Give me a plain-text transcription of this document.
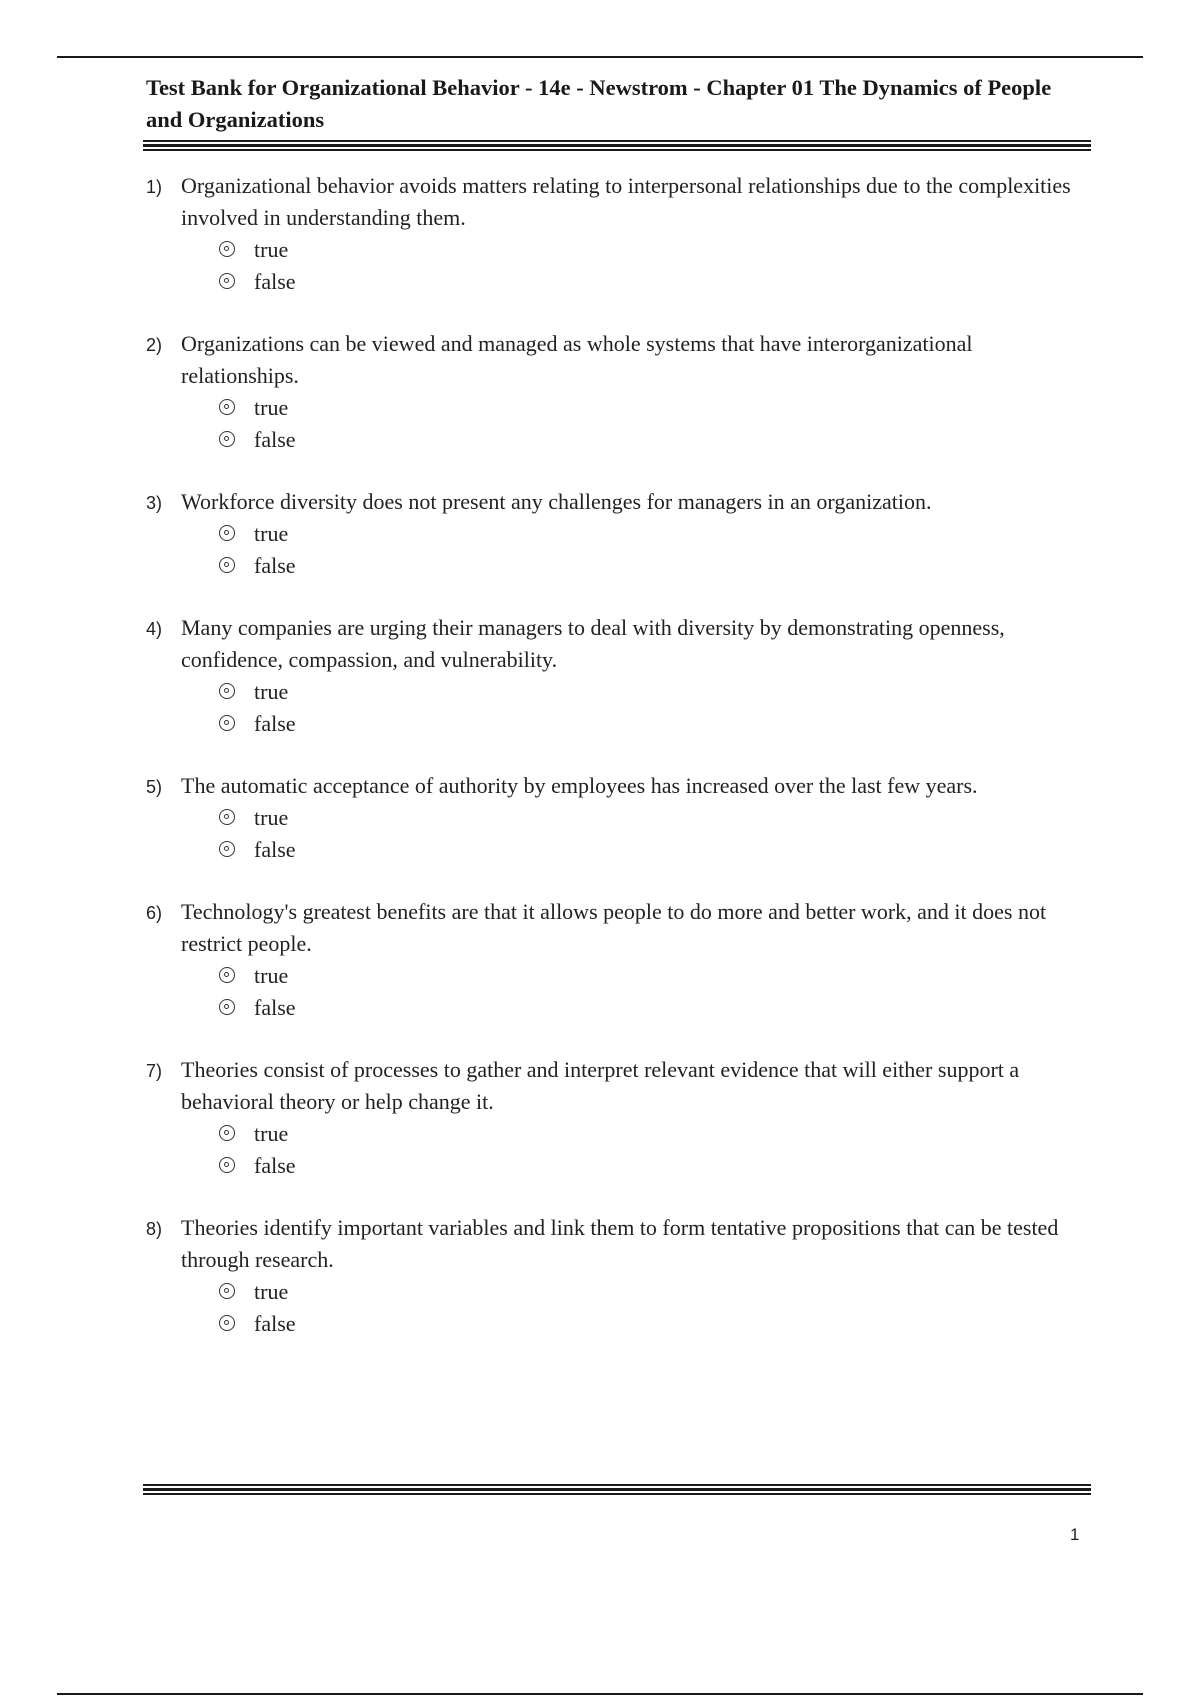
Test Bank for Organizational Behavior - 14e - Newstrom - Chapter 01 The Dynamics of People and Organizations
1) Organizational behavior avoids matters relating to interpersonal relationships due to the complexities involved in understanding them.
true
false
2) Organizations can be viewed and managed as whole systems that have interorganizational relationships.
true
false
3) Workforce diversity does not present any challenges for managers in an organization.
true
false
4) Many companies are urging their managers to deal with diversity by demonstrating openness, confidence, compassion, and vulnerability.
true
false
5) The automatic acceptance of authority by employees has increased over the last few years.
true
false
6) Technology's greatest benefits are that it allows people to do more and better work, and it does not restrict people.
true
false
7) Theories consist of processes to gather and interpret relevant evidence that will either support a behavioral theory or help change it.
true
false
8) Theories identify important variables and link them to form tentative propositions that can be tested through research.
true
false
1
